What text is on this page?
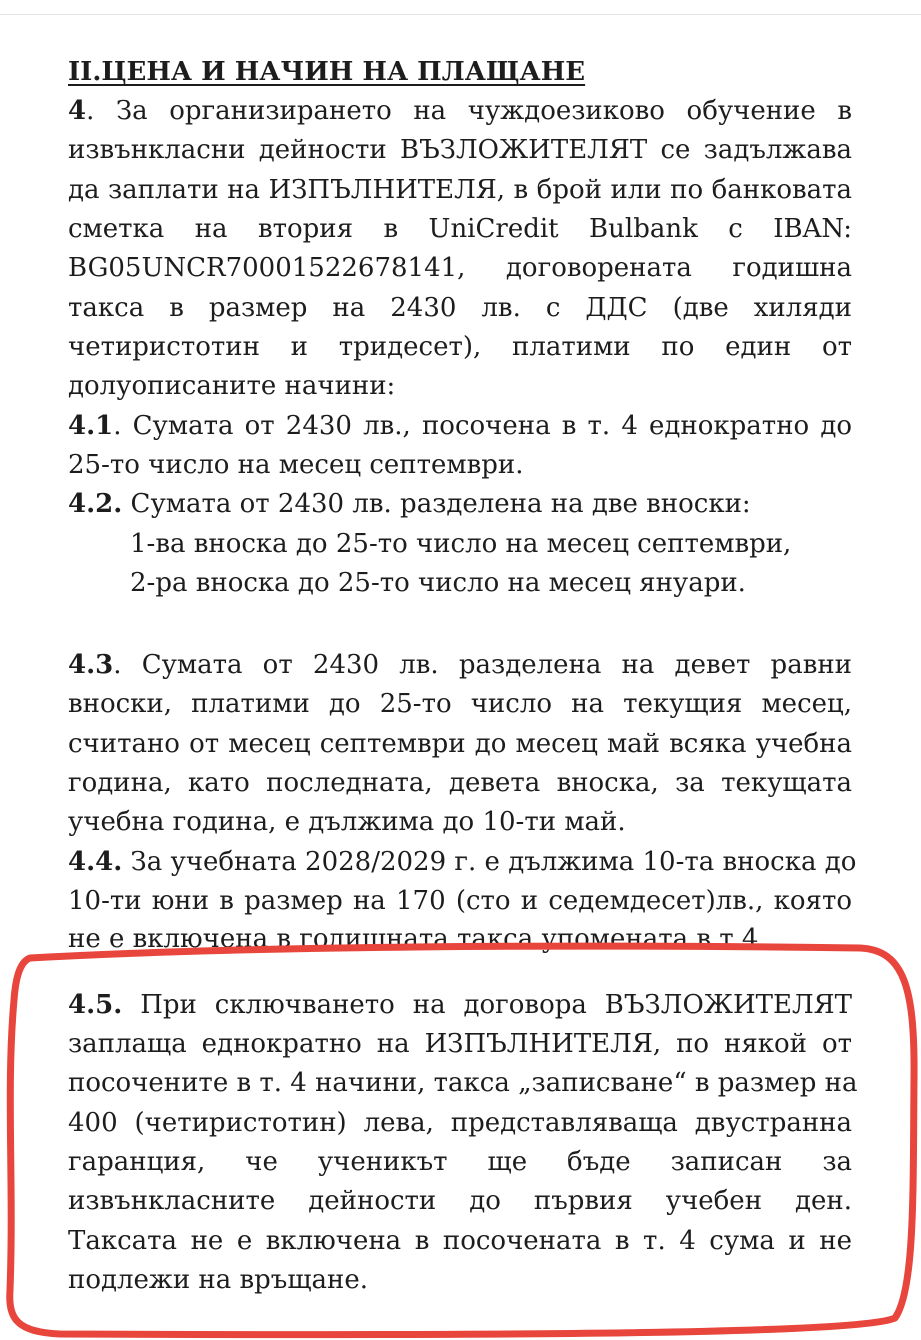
II.ЦЕНА И НАЧИН НА ПЛАЩАНЕ
4. За организирането на чуждоезиково обучение в
извънкласни дейности ВЪЗЛОЖИТЕЛЯТ се задължава
да заплати на ИЗПЪЛНИТЕЛЯ, в брой или по банковата
сметка на втория в UniCredit Bulbank с IBAN:
BG05UNCR70001522678141, договорената годишна
такса в размер на 2430 лв. с ДДС (две хиляди
четиристотин и тридесет), платими по един от
долуописаните начини:
4.1. Сумата от 2430 лв., посочена в т. 4 еднократно до
25-то число на месец септември.
4.2. Сумата от 2430 лв. разделена на две вноски:
1-ва вноска до 25-то число на месец септември,
2-ра вноска до 25-то число на месец януари.
4.3. Сумата от 2430 лв. разделена на девет равни
вноски, платими до 25-то число на текущия месец,
считано от месец септември до месец май всяка учебна
година, като последната, девета вноска, за текущата
учебна година, е дължима до 10-ти май.
4.4. За учебната 2028/2029 г. е дължима 10-та вноска до
10-ти юни в размер на 170 (сто и седемдесет)лв., която
4.5. При сключването на договора ВЪЗЛОЖИТЕЛЯТ
заплаща еднократно на ИЗПЪЛНИТЕЛЯ, по някой от
посочените в т. 4 начини, такса „записване“ в размер на
400 (четиристотин) лева, представляваща двустранна
гаранция, че ученикът ще бъде записан за
извънкласните дейности до първия учебен ден.
Таксата не е включена в посочената в т. 4 сума и не
подлежи на връщане.
не е включена в годишната такса упомената в т.4
